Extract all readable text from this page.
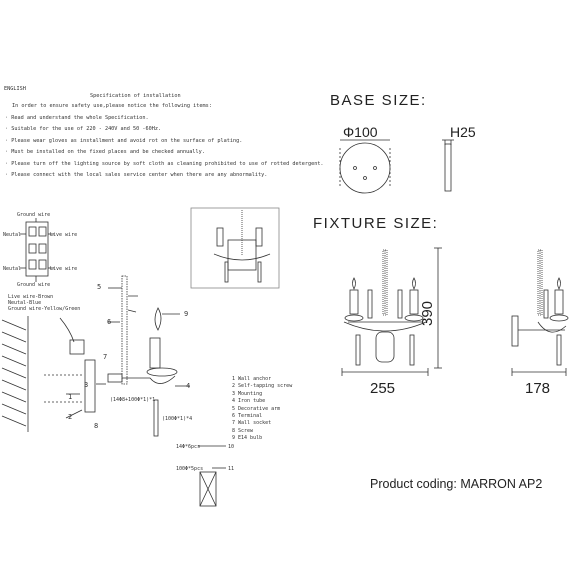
ENGLISH
Specification of installation
In order to ensure safety use,please notice the following items:
· Read and understand the whole Specification.
· Suitable for the use of 220 - 240V and 50 -60Hz.
· Please wear gloves as installment and avoid rot on the surface of plating.
· Must be installed on the fixed places and be checked annually.
· Please turn off the lighting source by soft cloth as cleaning prohibited to use of rotted detergent.
· Please connect with the local sales service center when there are any abnormality.
BASE SIZE:
Φ100	H25
FIXTURE SIZE:
390
255	178
Product coding: MARRON AP2
Ground wire
Neutal	Live wire
Neutal	Live wire
Ground wire
Live wire-Brown
Neutal-Blue
Ground wire-Yellow/Green
1 Wall anchor
2 Self-tapping screw
3 Mounting
4 Iron tube
5 Decorative arm
6 Terminal
7 Wall socket
8 Screw
9 E14 bulb
1
2
3	4
5
6
7
8
9
10
11
(14Φ8+100Φ*1)*1
(100Φ*1)*4
14Φ*6pcs
100Φ*5pcs
